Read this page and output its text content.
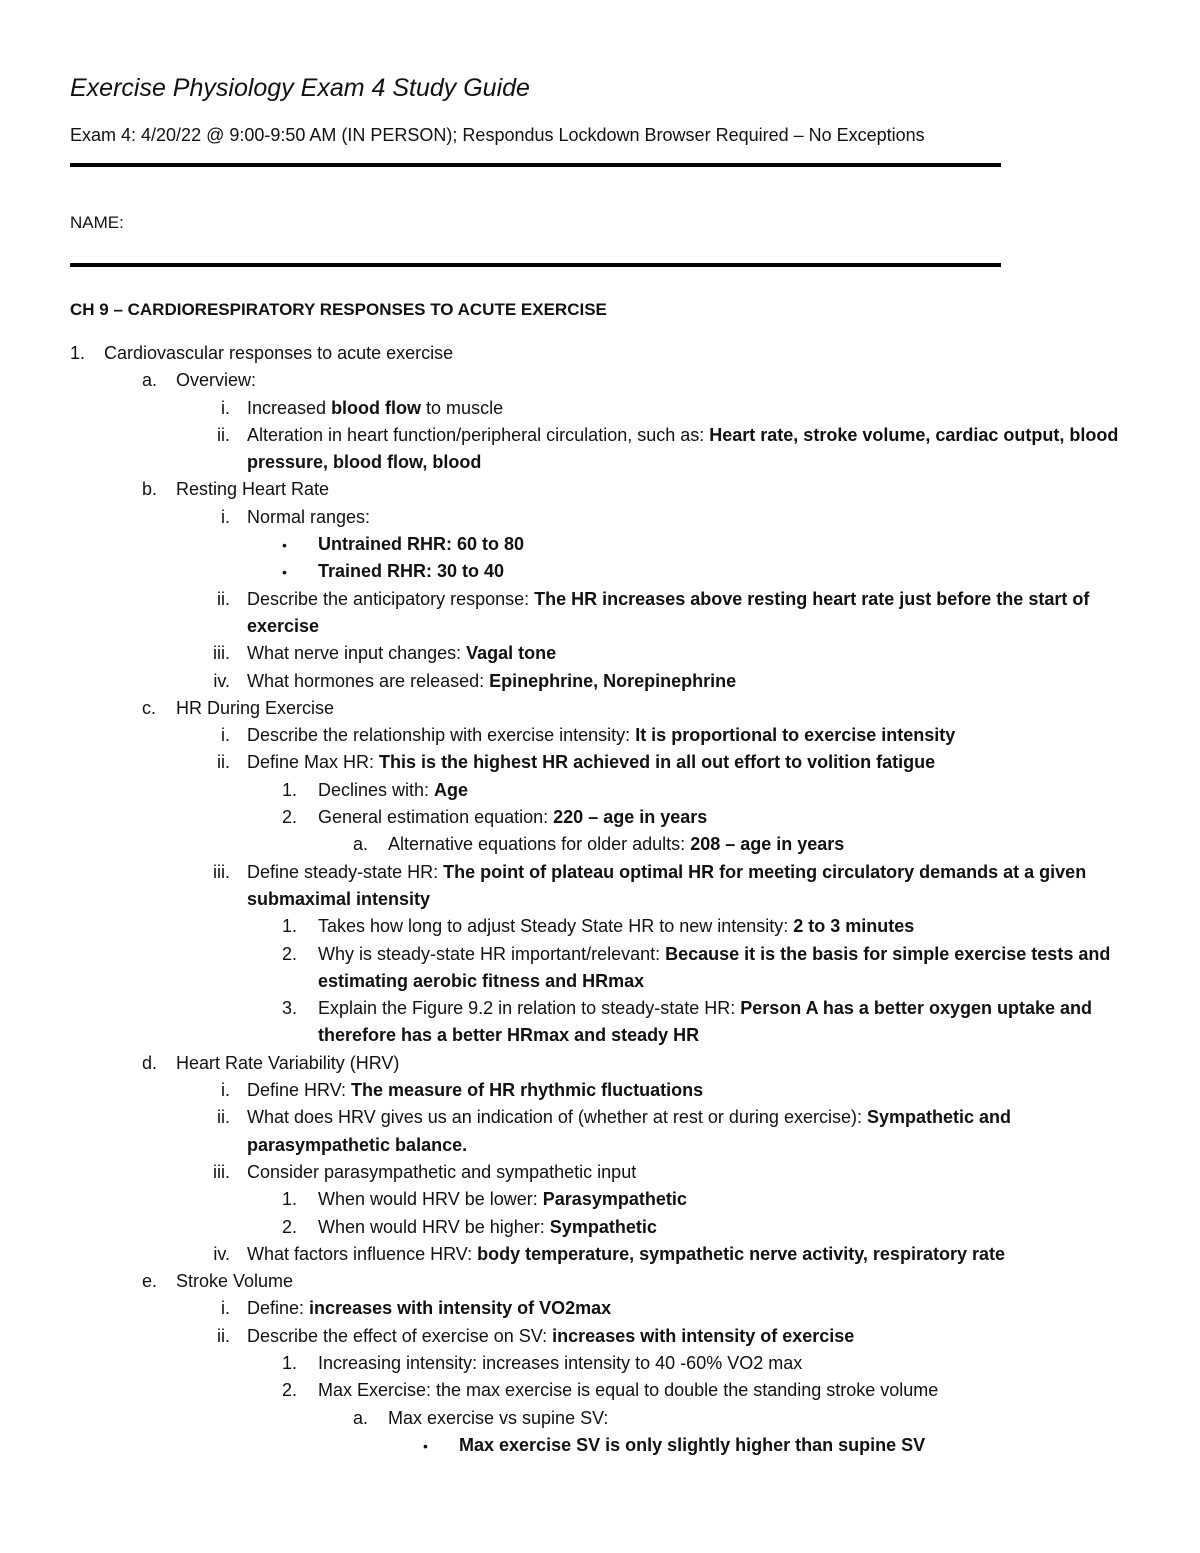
Exercise Physiology Exam 4 Study Guide
Exam 4: 4/20/22 @ 9:00-9:50 AM (IN PERSON); Respondus Lockdown Browser Required – No Exceptions
NAME:
CH 9 – CARDIORESPIRATORY RESPONSES TO ACUTE EXERCISE
1. Cardiovascular responses to acute exercise
a. Overview:
i. Increased blood flow to muscle
ii. Alteration in heart function/peripheral circulation, such as: Heart rate, stroke volume, cardiac output, blood pressure, blood flow, blood
b. Resting Heart Rate
i. Normal ranges:
• Untrained RHR: 60 to 80
• Trained RHR: 30 to 40
ii. Describe the anticipatory response: The HR increases above resting heart rate just before the start of exercise
iii. What nerve input changes: Vagal tone
iv. What hormones are released: Epinephrine, Norepinephrine
c. HR During Exercise
i. Describe the relationship with exercise intensity: It is proportional to exercise intensity
ii. Define Max HR: This is the highest HR achieved in all out effort to volition fatigue
1. Declines with: Age
2. General estimation equation: 220 – age in years
a. Alternative equations for older adults: 208 – age in years
iii. Define steady-state HR: The point of plateau optimal HR for meeting circulatory demands at a given submaximal intensity
1. Takes how long to adjust Steady State HR to new intensity: 2 to 3 minutes
2. Why is steady-state HR important/relevant: Because it is the basis for simple exercise tests and estimating aerobic fitness and HRmax
3. Explain the Figure 9.2 in relation to steady-state HR: Person A has a better oxygen uptake and therefore has a better HRmax and steady HR
d. Heart Rate Variability (HRV)
i. Define HRV: The measure of HR rhythmic fluctuations
ii. What does HRV gives us an indication of (whether at rest or during exercise): Sympathetic and parasympathetic balance.
iii. Consider parasympathetic and sympathetic input
1. When would HRV be lower: Parasympathetic
2. When would HRV be higher: Sympathetic
iv. What factors influence HRV: body temperature, sympathetic nerve activity, respiratory rate
e. Stroke Volume
i. Define: increases with intensity of VO2max
ii. Describe the effect of exercise on SV: increases with intensity of exercise
1. Increasing intensity: increases intensity to 40 -60% VO2 max
2. Max Exercise: the max exercise is equal to double the standing stroke volume
a. Max exercise vs supine SV:
• Max exercise SV is only slightly higher than supine SV
